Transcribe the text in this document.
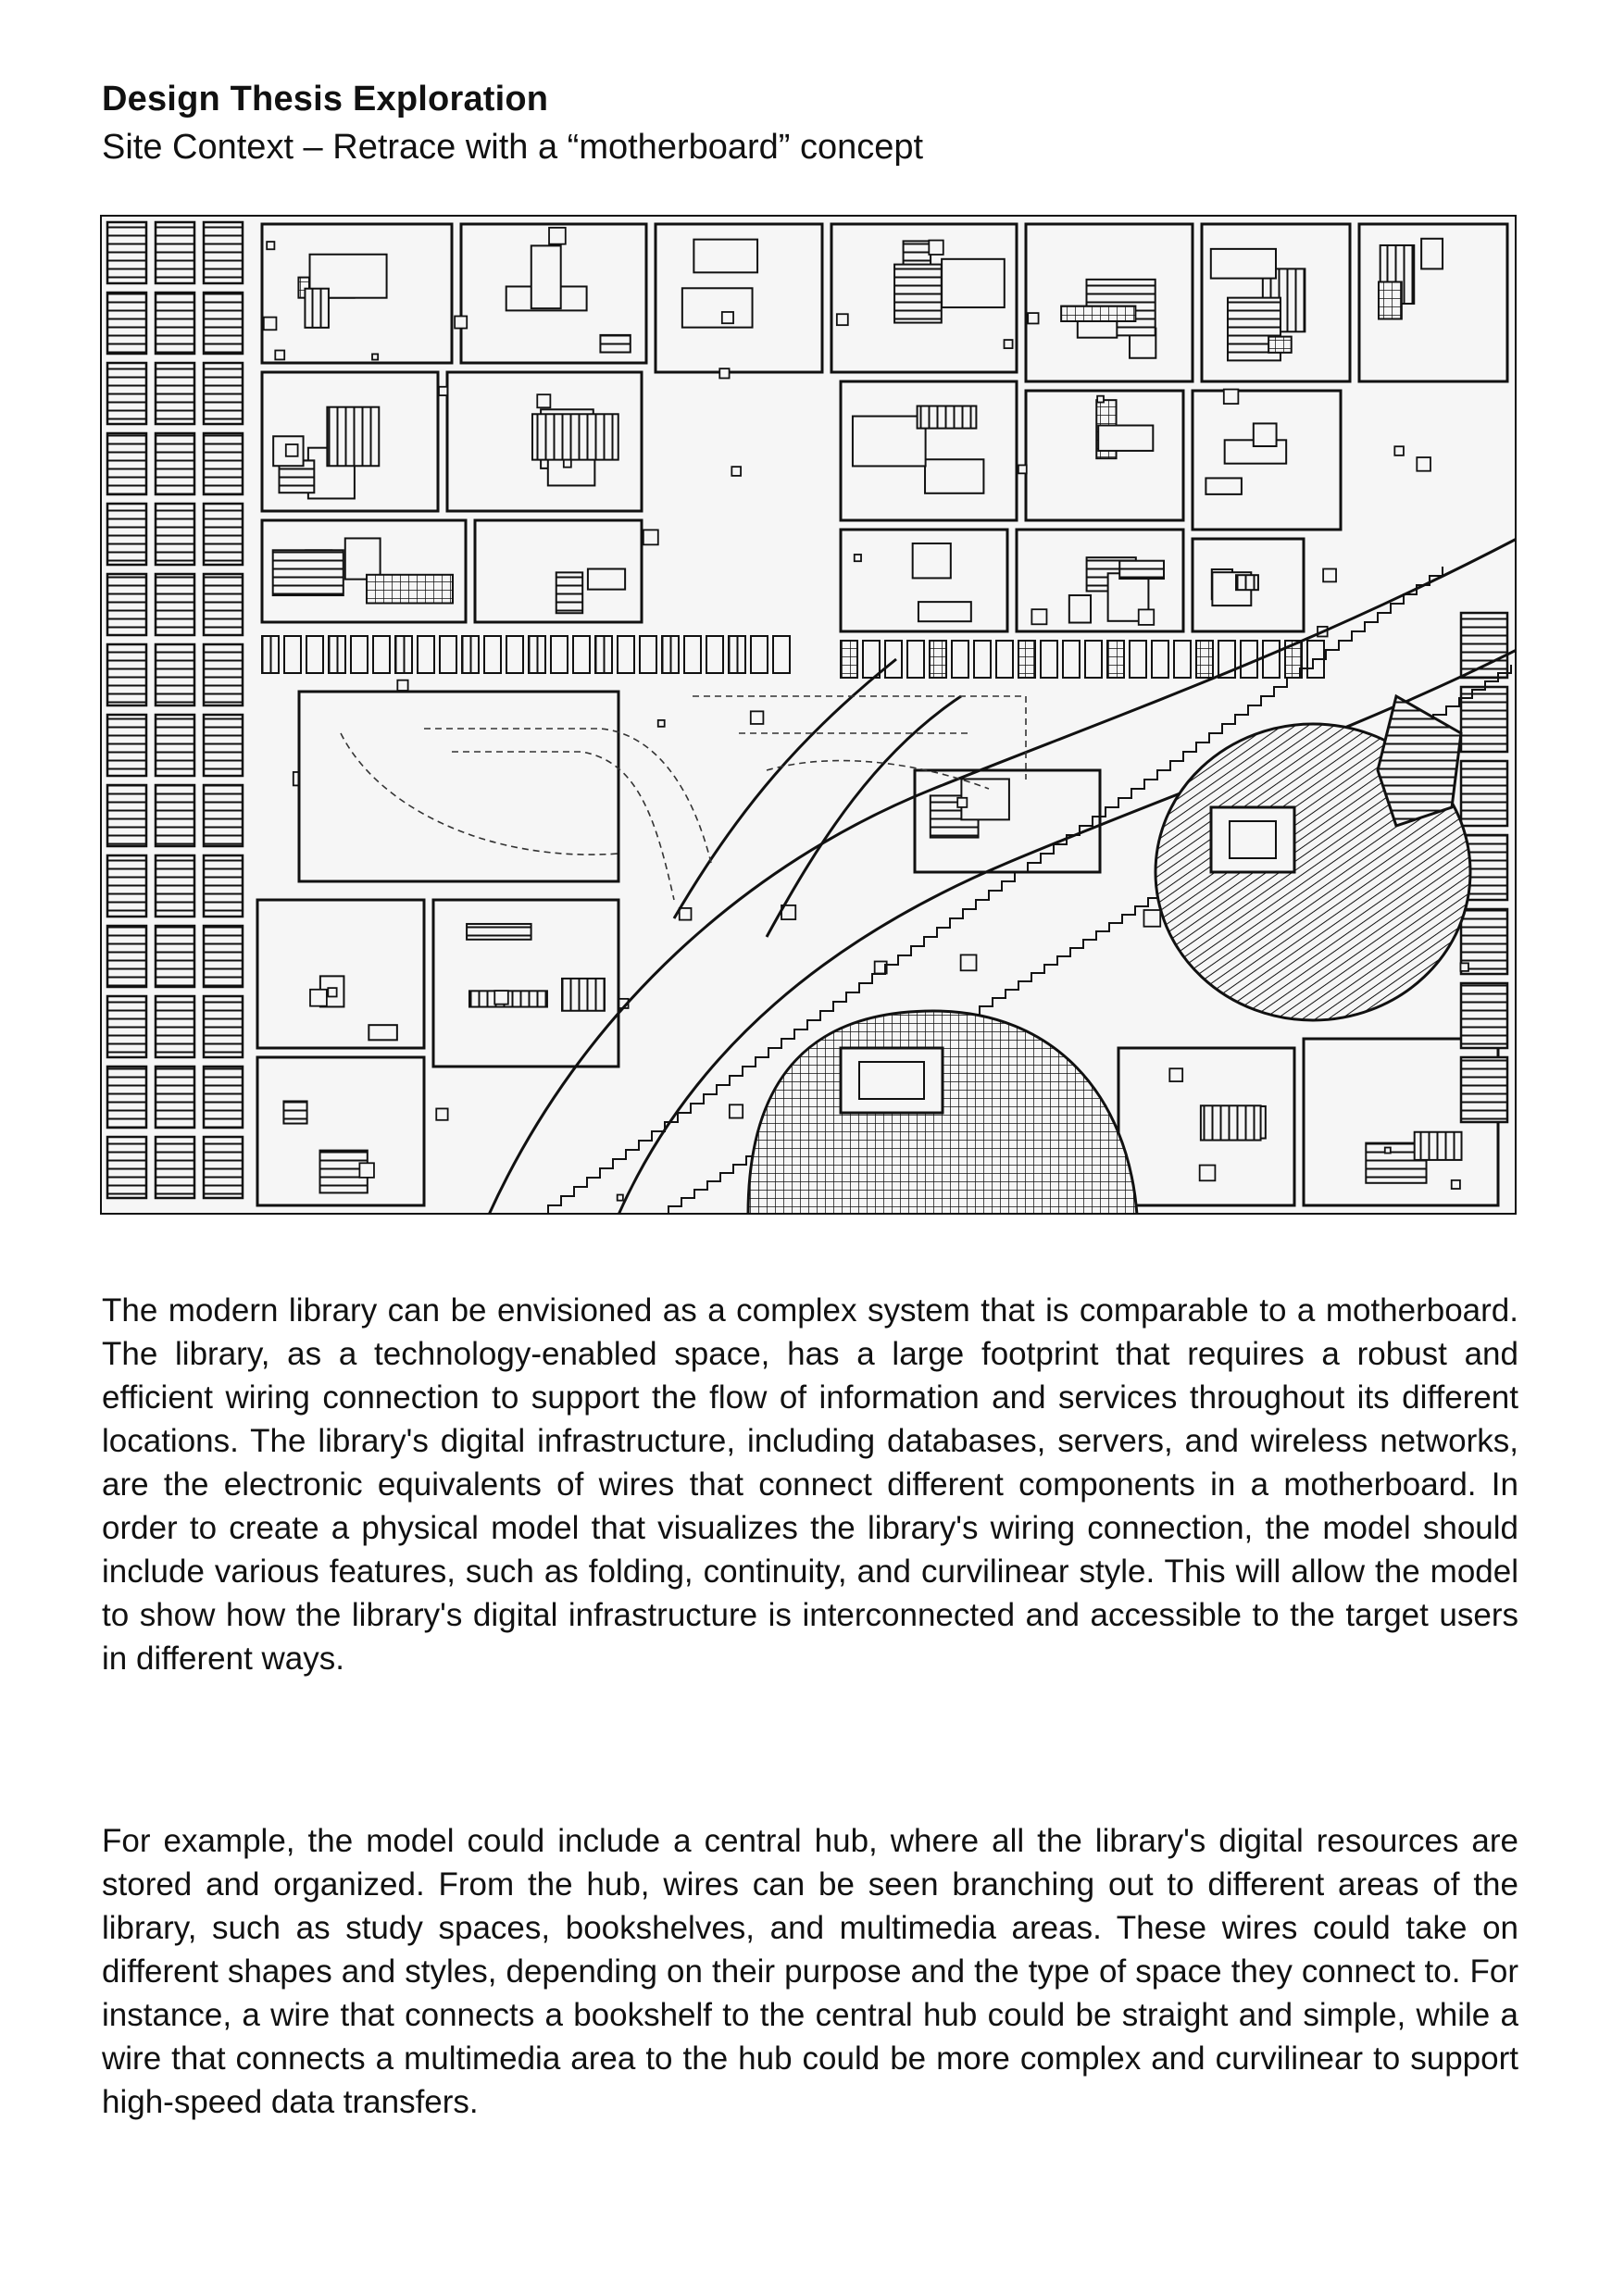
Design Thesis Exploration
Site Context – Retrace with a “motherboard” concept
The modern library can be envisioned as a complex system that is comparable to a motherboard. The library, as a technology-enabled space, has a large footprint that requires a robust and efficient wiring connection to support the flow of information and services throughout its different locations. The library's digital infrastructure, including databases, servers, and wireless networks, are the electronic equivalents of wires that connect different components in a motherboard. In order to create a physical model that visualizes the library's wiring connection, the model should include various features, such as folding, continuity, and curvilinear style. This will allow the model to show how the library's digital infrastructure is interconnected and accessible to the target users in different ways.
For example, the model could include a central hub, where all the library's digital resources are stored and organized. From the hub, wires can be seen branching out to different areas of the library, such as study spaces, bookshelves, and multimedia areas. These wires could take on different shapes and styles, depending on their purpose and the type of space they connect to. For instance, a wire that connects a bookshelf to the central hub could be straight and simple, while a wire that connects a multimedia area to the hub could be more complex and curvilinear to support high-speed data transfers.
